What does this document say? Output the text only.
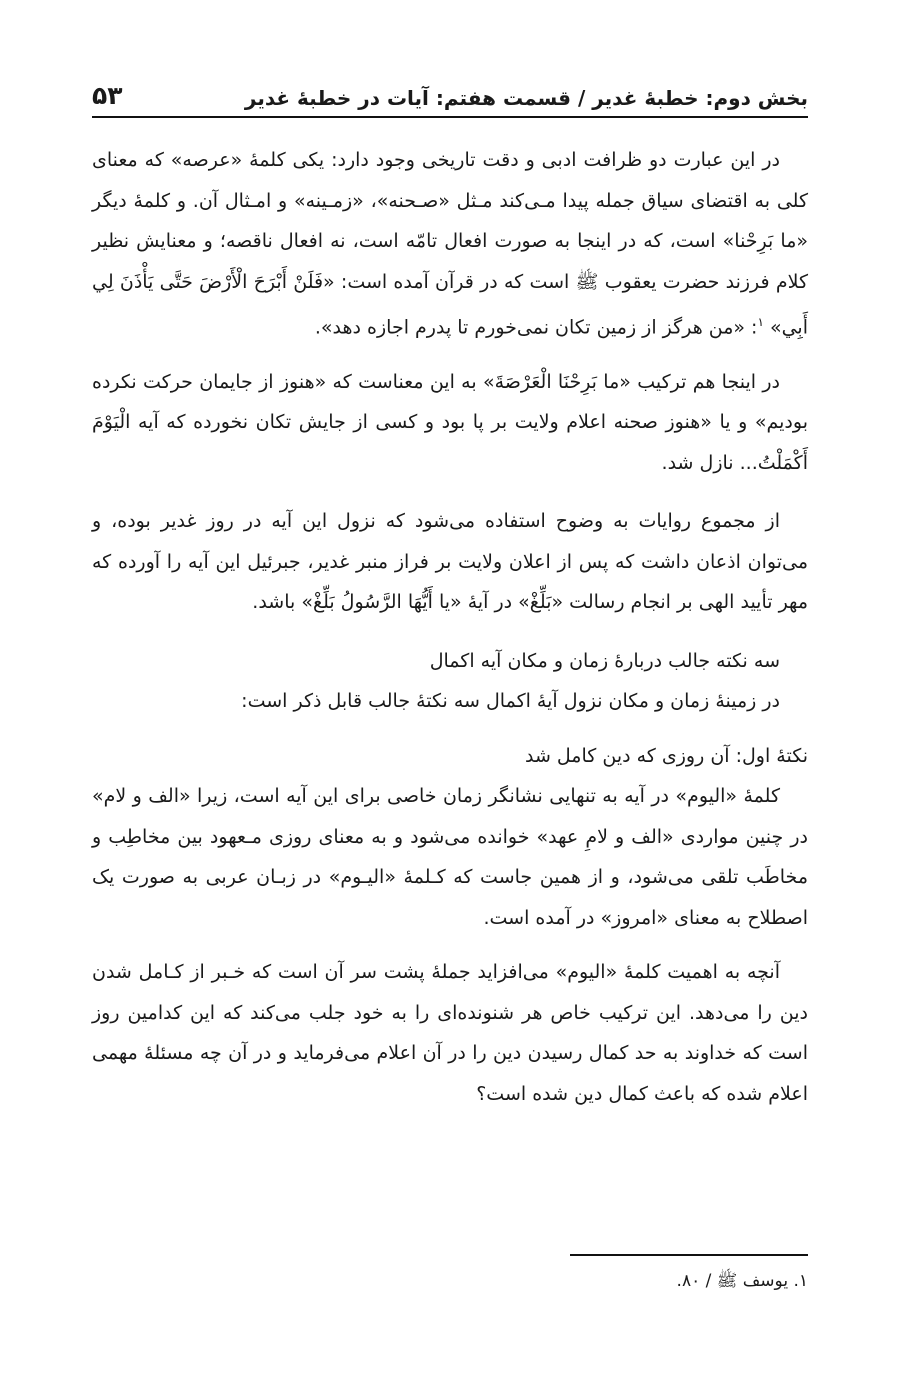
بخش دوم: خطبهٔ غدیر / قسمت هفتم: آیات در خطبهٔ غدیر
۵۳

در این عبارت دو ظرافت ادبی و دقت تاریخی وجود دارد: یکی کلمهٔ «عرصه» که معنای کلی به اقتضای سیاق جمله پیدا مـی‌کند مـثل «صـحنه»، «زمـینه» و امـثال آن. و کلمهٔ دیگر «ما بَرِحْنا» است، که در اینجا به صورت افعال تامّه است، نه افعال ناقصه؛ و معنایش نظیر کلام فرزند حضرت یعقوب ﷺ است که در قرآن آمده است: «فَلَنْ أَبْرَحَ الْأَرْضَ حَتَّى يَأْذَنَ لِي أَبِي» $^۱$: «من هرگز از زمین تکان نمی‌خورم تا پدرم اجازه دهد».

در اینجا هم ترکیب «ما بَرِحْنَا الْعَرْصَةَ» به این معناست که «هنوز از جایمان حرکت نکرده بودیم» و یا «هنوز صحنه اعلام ولایت بر پا بود و کسی از جایش تکان نخورده که آیه الْيَوْمَ أَكْمَلْتُ... نازل شد.

از مجموع روایات به وضوح استفاده می‌شود که نزول این آیه در روز غدیر بوده، و می‌توان اذعان داشت که پس از اعلان ولایت بر فراز منبر غدیر، جبرئیل این آیه را آورده که مهر تأیید الهی بر انجام رسالت «بَلِّغْ» در آیهٔ «يا أَيُّهَا الرَّسُولُ بَلِّغْ» باشد.

سه نکته جالب دربارهٔ زمان و مکان آیه اکمال

در زمینهٔ زمان و مکان نزول آیهٔ اکمال سه نکتهٔ جالب قابل ذکر است:

نکتهٔ اول: آن روزی که دین کامل شد

کلمهٔ «الیوم» در آیه به تنهایی نشانگر زمان خاصی برای این آیه است، زیرا «الف و لام» در چنین مواردی «الف و لامِ عهد» خوانده می‌شود و به معنای روزی مـعهود بین مخاطِب و مخاطَب تلقی می‌شود، و از همین جاست که کـلمهٔ «الیـوم» در زبـان عربی به صورت یک اصطلاح به معنای «امروز» در آمده است.

آنچه به اهمیت کلمهٔ «الیوم» می‌افزاید جملهٔ پشت سر آن است که خـبر از کـامل شدن دین را می‌دهد. این ترکیب خاص هر شنونده‌ای را به خود جلب می‌کند که این کدامین روز است که خداوند به حد کمال رسیدن دین را در آن اعلام می‌فرماید و در آن چه مسئلهٔ مهمی اعلام شده که باعث کمال دین شده است؟

۱. یوسف ﷺ / ۸۰.
